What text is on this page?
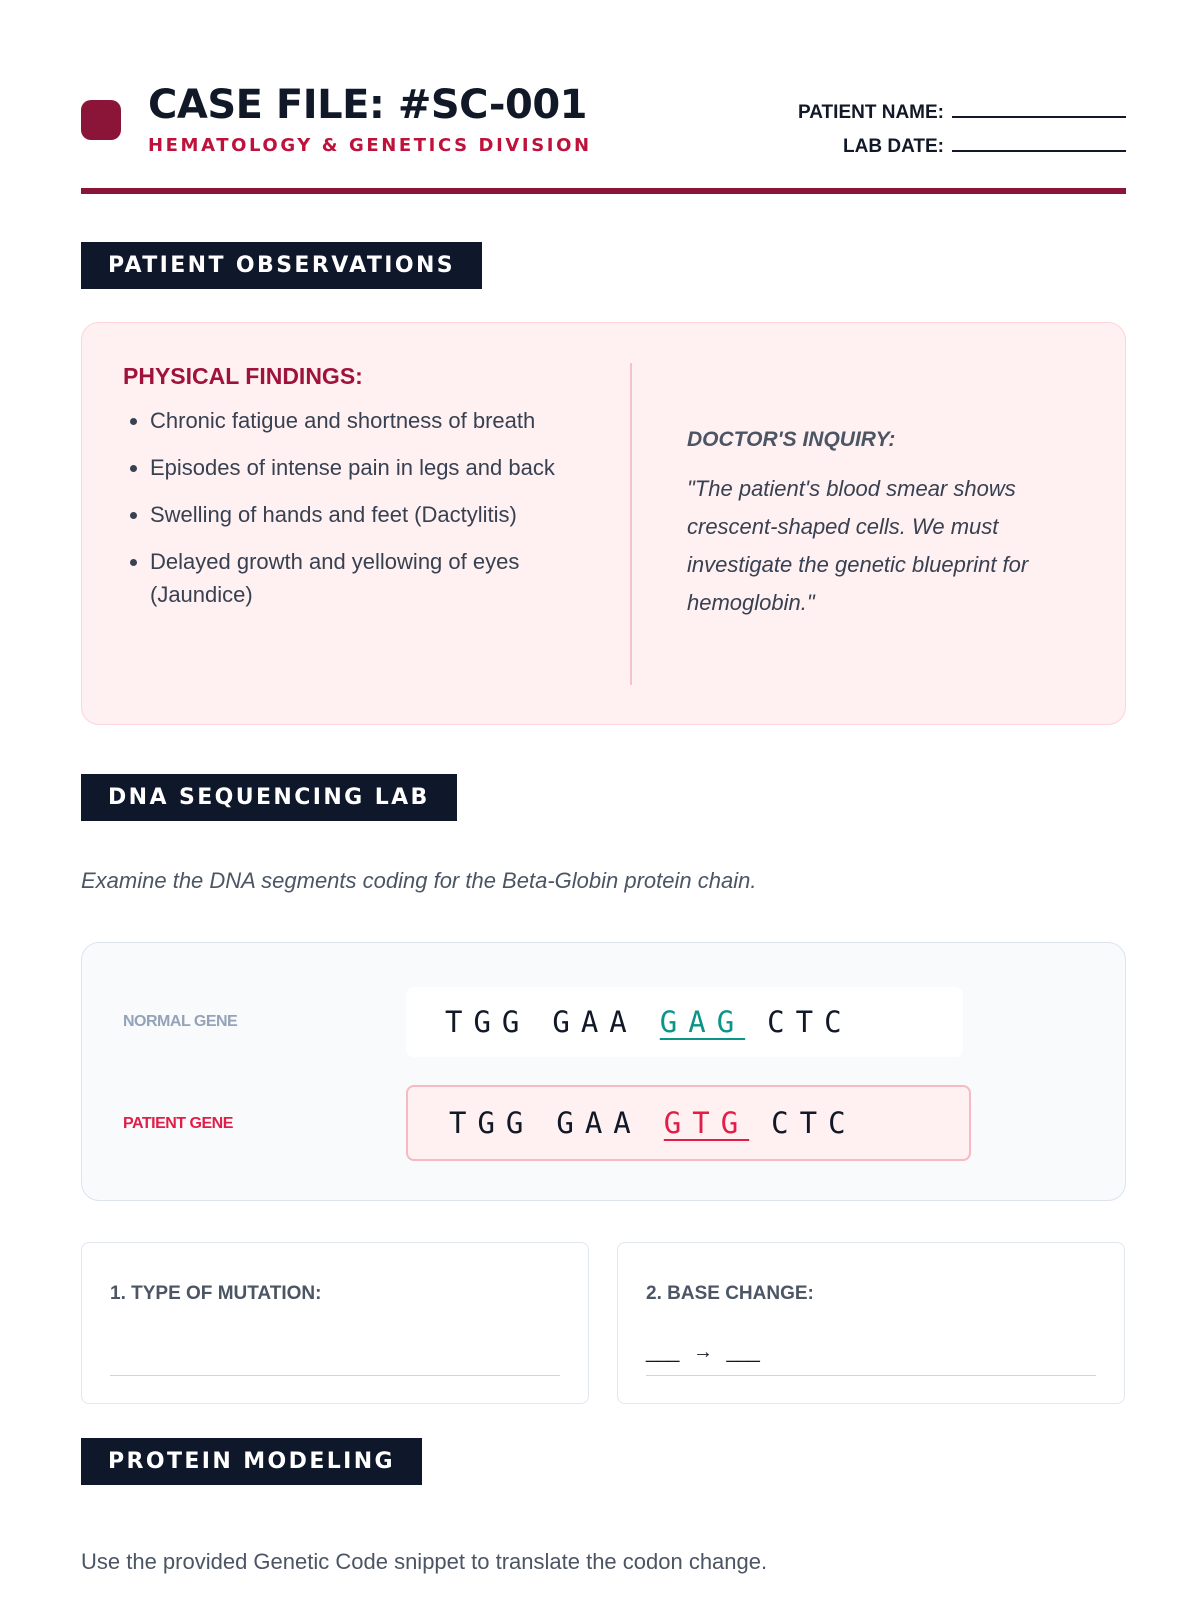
CASE FILE: #SC-001
HEMATOLOGY & GENETICS DIVISION
PATIENT NAME:
LAB DATE:
PATIENT OBSERVATIONS
PHYSICAL FINDINGS:
• Chronic fatigue and shortness of breath
• Episodes of intense pain in legs and back
• Swelling of hands and feet (Dactylitis)
• Delayed growth and yellowing of eyes (Jaundice)
DOCTOR'S INQUIRY:
"The patient's blood smear shows crescent-shaped cells. We must investigate the genetic blueprint for hemoglobin."
DNA SEQUENCING LAB
Examine the DNA segments coding for the Beta-Globin protein chain.
NORMAL GENE	TGG GAA GAG CTC
PATIENT GENE	TGG GAA GTG CTC
1. TYPE OF MUTATION:	2. BASE CHANGE:
___ → ___
PROTEIN MODELING
Use the provided Genetic Code snippet to translate the codon change.
